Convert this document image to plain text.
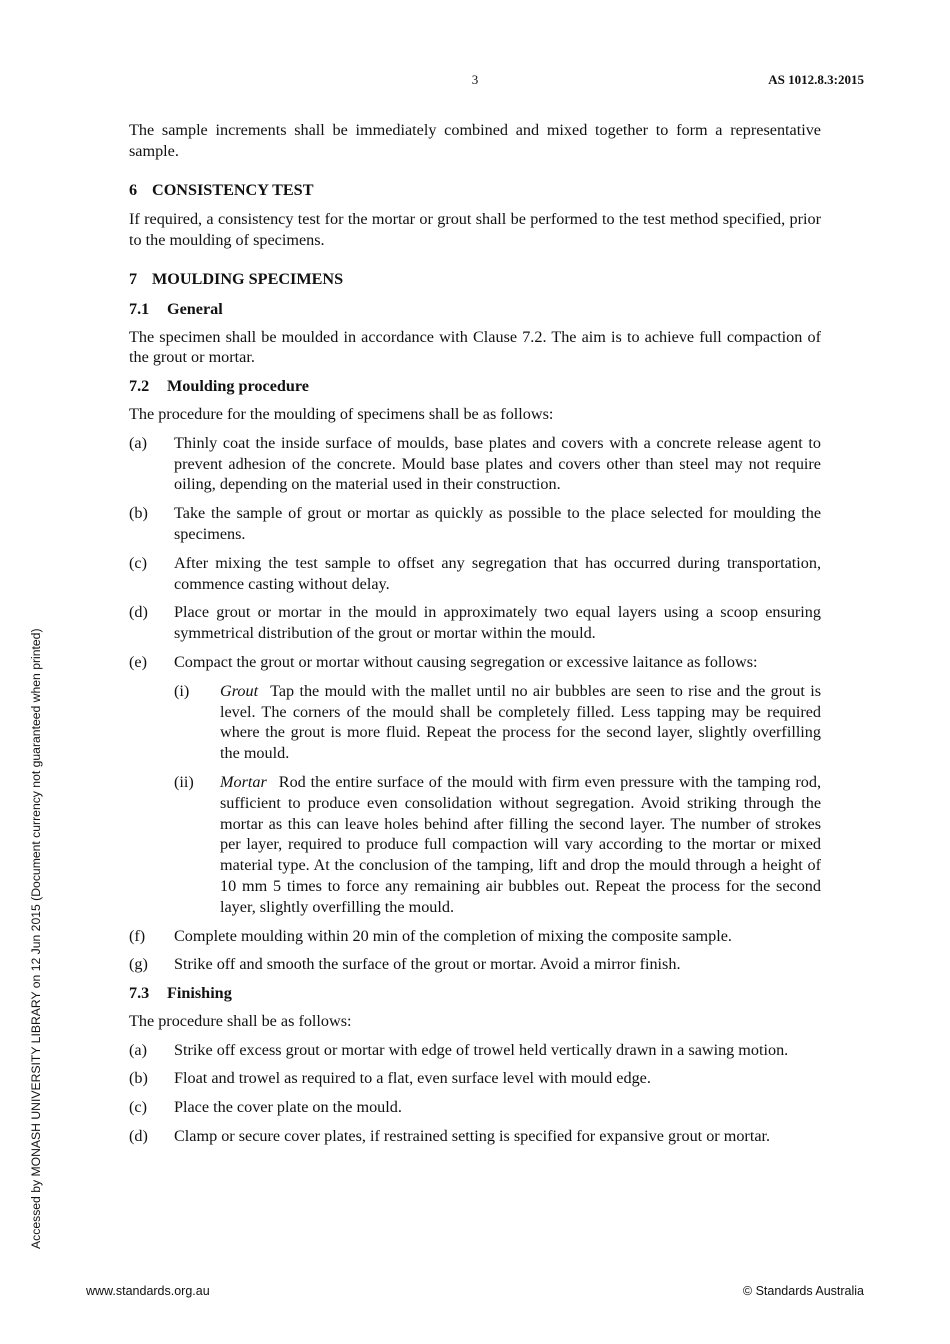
3	AS 1012.8.3:2015

The sample increments shall be immediately combined and mixed together to form a representative sample.

6 CONSISTENCY TEST

If required, a consistency test for the mortar or grout shall be performed to the test method specified, prior to the moulding of specimens.

7 MOULDING SPECIMENS
7.1 General

The specimen shall be moulded in accordance with Clause 7.2. The aim is to achieve full compaction of the grout or mortar.

7.2 Moulding procedure

The procedure for the moulding of specimens shall be as follows:

(a)	Thinly coat the inside surface of moulds, base plates and covers with a concrete release agent to prevent adhesion of the concrete. Mould base plates and covers other than steel may not require oiling, depending on the material used in their construction.
(b)	Take the sample of grout or mortar as quickly as possible to the place selected for moulding the specimens.
(c)	After mixing the test sample to offset any segregation that has occurred during transportation, commence casting without delay.
(d)	Place grout or mortar in the mould in approximately two equal layers using a scoop ensuring symmetrical distribution of the grout or mortar within the mould.
(e)	Compact the grout or mortar without causing segregation or excessive laitance as follows:
(i)	Grout Tap the mould with the mallet until no air bubbles are seen to rise and the grout is level. The corners of the mould shall be completely filled. Less tapping may be required where the grout is more fluid. Repeat the process for the second layer, slightly overfilling the mould.
(ii)	Mortar Rod the entire surface of the mould with firm even pressure with the tamping rod, sufficient to produce even consolidation without segregation. Avoid striking through the mortar as this can leave holes behind after filling the second layer. The number of strokes per layer, required to produce full compaction will vary according to the mortar or mixed material type. At the conclusion of the tamping, lift and drop the mould through a height of 10 mm 5 times to force any remaining air bubbles out. Repeat the process for the second layer, slightly overfilling the mould.
(f)	Complete moulding within 20 min of the completion of mixing the composite sample.
(g)	Strike off and smooth the surface of the grout or mortar. Avoid a mirror finish.
7.3 Finishing

The procedure shall be as follows:

(a)	Strike off excess grout or mortar with edge of trowel held vertically drawn in a sawing motion.
(b)	Float and trowel as required to a flat, even surface level with mould edge.
(c)	Place the cover plate on the mould.
(d)	Clamp or secure cover plates, if restrained setting is specified for expansive grout or mortar.
Accessed by MONASH UNIVERSITY LIBRARY on 12 Jun 2015 (Document currency not guaranteed when printed)
www.standards.org.au	© Standards Australia
